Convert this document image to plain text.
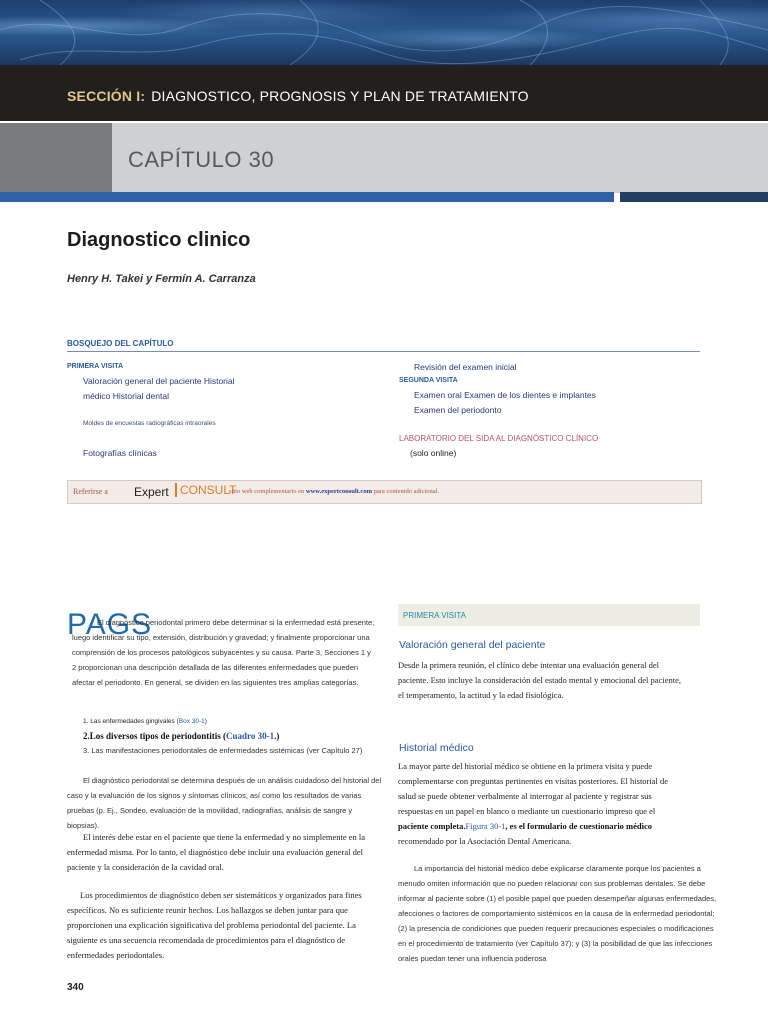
SECCIÓN I: DIAGNOSTICO, PROGNOSIS Y PLAN DE TRATAMIENTO
CAPÍTULO 30
Diagnostico clinico
Henry H. Takei y Fermín A. Carranza
BOSQUEJO DEL CAPÍTULO
PRIMERA VISITA
Valoración general del paciente Historial
médico Historial dental
Moldes de encuestas radiográficas intraorales
Fotografías clínicas
Revisión del examen inicial
SEGUNDA VISITA
Examen oral Examen de los dientes e implantes
Examen del periodonto
LABORATORIO DEL SIDA AL DIAGNÓSTICO CLÍNICO
(solo online)
Referirse a Expert CONSULT
sitio web complementario en www.expertconsult.com para contenido adicional.
PAGS
El diagnóstico periodontal primero debe determinar si la enfermedad está presente;
luego identificar su tipo, extensión, distribución y gravedad; y finalmente proporcionar una
comprensión de los procesos patológicos subyacentes y su causa. Parte 3, Secciones 1 y
2 proporcionan una descripción detallada de las diferentes enfermedades que pueden
afectar el periodonto. En general, se dividen en las siguientes tres amplias categorías.
1. Las enfermedades gingivales (Box 30-1)
2.Los diversos tipos de periodontitis (Cuadro 30-1.)
3. Las manifestaciones periodontales de enfermedades sistémicas (ver Capítulo 27)
El diagnóstico periodontal se determina después de un análisis cuidadoso del historial del
caso y la evaluación de los signos y síntomas clínicos, así como los resultados de varias
pruebas (p. Ej., Sondeo, evaluación de la movilidad, radiografías, análisis de sangre y
biopsias).
El interés debe estar en el paciente que tiene la enfermedad y no simplemente en la
enfermedad misma. Por lo tanto, el diagnóstico debe incluir una evaluación general del
paciente y la consideración de la cavidad oral.
Los procedimientos de diagnóstico deben ser sistemáticos y organizados para fines
específicos. No es suficiente reunir hechos. Los hallazgos se deben juntar para que
proporcionen una explicación significativa del problema periodontal del paciente. La
siguiente es una secuencia recomendada de procedimientos para el diagnóstico de
enfermedades periodontales.
PRIMERA VISITA
Valoración general del paciente
Desde la primera reunión, el clínico debe intentar una evaluación general del
paciente. Esto incluye la consideración del estado mental y emocional del paciente,
el temperamento, la actitud y la edad fisiológica.
Historial médico
La mayor parte del historial médico se obtiene en la primera visita y puede
complementarse con preguntas pertinentes en visitas posteriores. El historial de
salud se puede obtener verbalmente al interrogar al paciente y registrar sus
respuestas en un papel en blanco o mediante un cuestionario impreso que el
paciente completa.Figura 30-1, es el formulario de cuestionario médico
recomendado por la Asociación Dental Americana.
La importancia del historial médico debe explicarse claramente porque los pacientes a
menudo omiten información que no pueden relacionar con sus problemas dentales. Se debe
informar al paciente sobre (1) el posible papel que pueden desempeñar algunas enfermedades,
afecciones o factores de comportamiento sistémicos en la causa de la enfermedad periodontal;
(2) la presencia de condiciones que pueden requerir precauciones especiales o modificaciones
en el procedimiento de tratamiento (ver Capítulo 37); y (3) la posibilidad de que las infecciones
orales puedan tener una influencia poderosa
340
